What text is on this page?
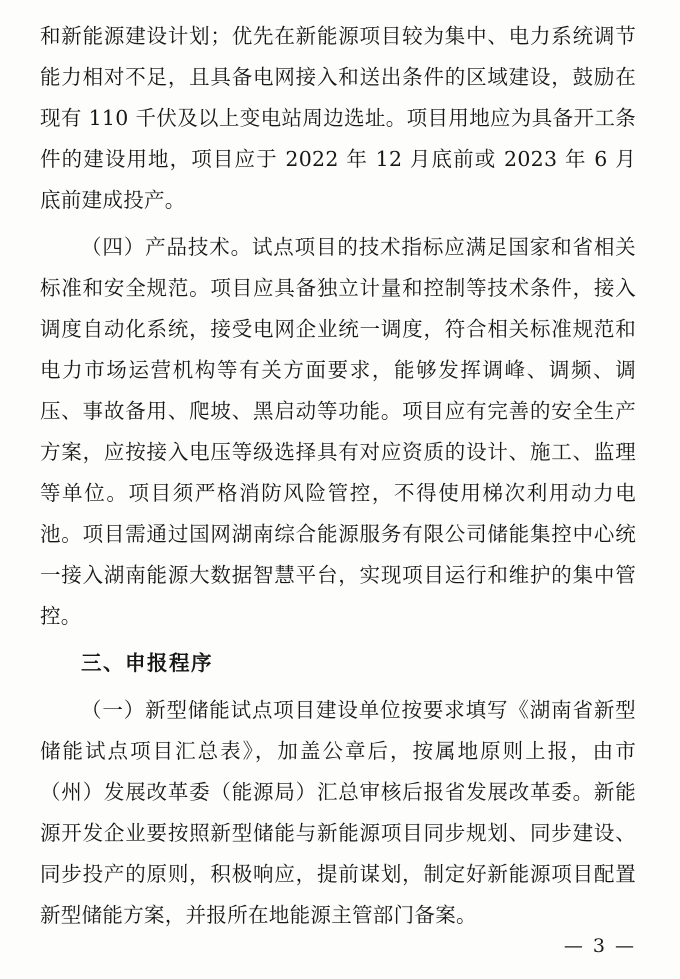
和新能源建设计划；优先在新能源项目较为集中、电力系统调节能力相对不足，且具备电网接入和送出条件的区域建设，鼓励在现有 110 千伏及以上变电站周边选址。项目用地应为具备开工条件的建设用地，项目应于 2022 年 12 月底前或 2023 年 6 月底前建成投产。

（四）产品技术。试点项目的技术指标应满足国家和省相关标准和安全规范。项目应具备独立计量和控制等技术条件，接入调度自动化系统，接受电网企业统一调度，符合相关标准规范和电力市场运营机构等有关方面要求，能够发挥调峰、调频、调压、事故备用、爬坡、黑启动等功能。项目应有完善的安全生产方案，应按接入电压等级选择具有对应资质的设计、施工、监理等单位。项目须严格消防风险管控，不得使用梯次利用动力电池。项目需通过国网湖南综合能源服务有限公司储能集控中心统一接入湖南能源大数据智慧平台，实现项目运行和维护的集中管控。

三、申报程序

（一）新型储能试点项目建设单位按要求填写《湖南省新型储能试点项目汇总表》，加盖公章后，按属地原则上报，由市（州）发展改革委（能源局）汇总审核后报省发展改革委。新能源开发企业要按照新型储能与新能源项目同步规划、同步建设、同步投产的原则，积极响应，提前谋划，制定好新能源项目配置新型储能方案，并报所在地能源主管部门备案。

— 3 —
